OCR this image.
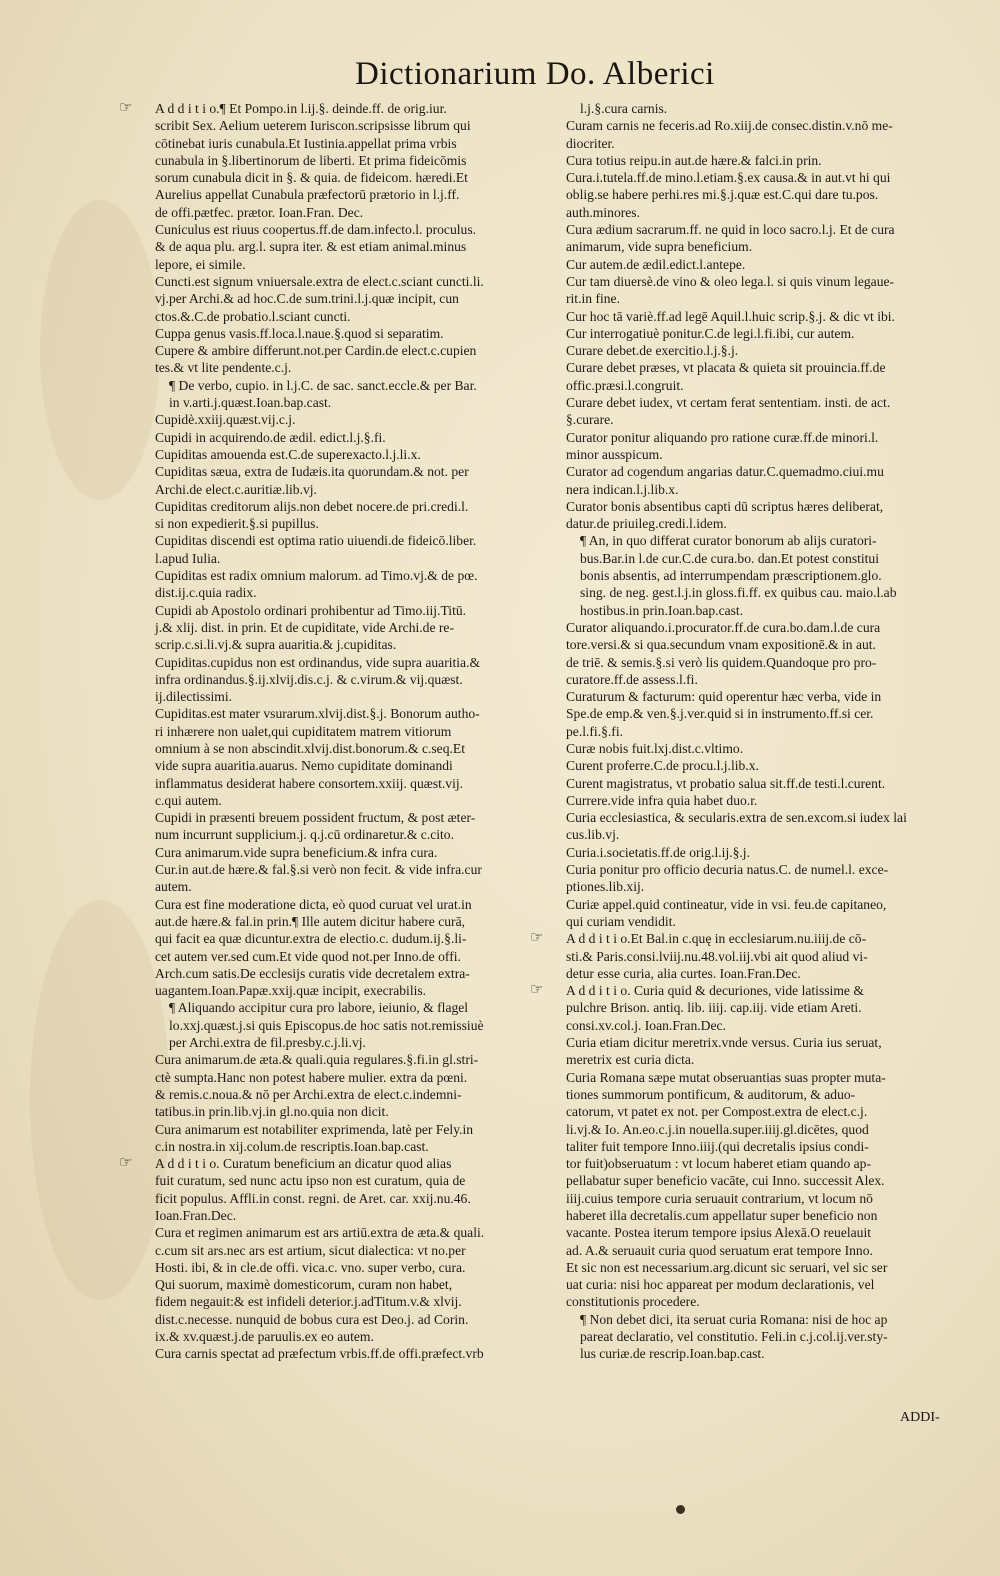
Dictionarium Do. Alberici
☞	A d d i t i o.¶ Et Pompo.in l.ij.§. deinde.ff. de orig.iur.
scribit Sex. Aelium ueterem Iuriscon.scripsisse librum qui
cōtinebat iuris cunabula.Et Iustinia.appellat prima vrbis
cunabula in §.libertinorum de liberti. Et prima fideicōmis
sorum cunabula dicit in §. & quia. de fideicom. hæredi.Et
Aurelius appellat Cunabula præfectorū prætorio in l.j.ff.
de offi.pætfec. prætor. Ioan.Fran. Dec.
Cuniculus est riuus coopertus.ff.de dam.infecto.l. proculus.
& de aqua plu. arg.l. supra iter. & est etiam animal.minus
lepore, ei simile.
Cuncti.est signum vniuersale.extra de elect.c.sciant cuncti.li.
vj.per Archi.& ad hoc.C.de sum.trini.l.j.quæ incipit, cun
ctos.&.C.de probatio.l.sciant cuncti.
Cuppa genus vasis.ff.loca.l.naue.§.quod si separatim.
Cupere & ambire differunt.not.per Cardin.de elect.c.cupien
tes.& vt lite pendente.c.j.
¶ De verbo, cupio. in l.j.C. de sac. sanct.eccle.& per Bar.
in v.arti.j.quæst.Ioan.bap.cast.
Cupidè.xxiij.quæst.vij.c.j.
Cupidi in acquirendo.de ædil. edict.l.j.§.fi.
Cupiditas amouenda est.C.de superexacto.l.j.li.x.
Cupiditas sæua, extra de Iudæis.ita quorundam.& not. per
Archi.de elect.c.auritiæ.lib.vj.
Cupiditas creditorum alijs.non debet nocere.de pri.credi.l.
si non expedierit.§.si pupillus.
Cupiditas discendi est optima ratio uiuendi.de fideicō.liber.
l.apud Iulia.
Cupiditas est radix omnium malorum. ad Timo.vj.& de pœ.
dist.ij.c.quia radix.
Cupidi ab Apostolo ordinari prohibentur ad Timo.iij.Titū.
j.& xlij. dist. in prin. Et de cupiditate, vide Archi.de re-
scrip.c.si.li.vj.& supra auaritia.& j.cupiditas.
Cupiditas.cupidus non est ordinandus, vide supra auaritia.&
infra ordinandus.§.ij.xlvij.dis.c.j. & c.virum.& vij.quæst.
ij.dilectissimi.
Cupiditas.est mater vsurarum.xlvij.dist.§.j. Bonorum autho-
ri inhærere non ualet,qui cupiditatem matrem vitiorum
omnium à se non abscindit.xlvij.dist.bonorum.& c.seq.Et
vide supra auaritia.auarus. Nemo cupiditate dominandi
inflammatus desiderat habere consortem.xxiij. quæst.vij.
c.qui autem.
Cupidi in præsenti breuem possident fructum, & post æter-
num incurrunt supplicium.j. q.j.cū ordinaretur.& c.cito.
Cura animarum.vide supra beneficium.& infra cura.
Cur.in aut.de hære.& fal.§.si verò non fecit. & vide infra.cur
autem.
Cura est fine moderatione dicta, eò quod curuat vel urat.in
aut.de hære.& fal.in prin.¶ Ille autem dicitur habere curā,
qui facit ea quæ dicuntur.extra de electio.c. dudum.ij.§.li-
cet autem ver.sed cum.Et vide quod not.per Inno.de offi.
Arch.cum satis.De ecclesijs curatis vide decretalem extra-
uagantem.Ioan.Papæ.xxij.quæ incipit, execrabilis.
¶ Aliquando accipitur cura pro labore, ieiunio, & flagel
lo.xxj.quæst.j.si quis Episcopus.de hoc satis not.remissiuè
per Archi.extra de fil.presby.c.j.li.vj.
Cura animarum.de æta.& quali.quia regulares.§.fi.in gl.stri-
ctè sumpta.Hanc non potest habere mulier. extra da pœni.
& remis.c.noua.& nō per Archi.extra de elect.c.indemni-
tatibus.in prin.lib.vj.in gl.no.quia non dicit.
Cura animarum est notabiliter exprimenda, latè per Fely.in
c.in nostra.in xij.colum.de rescriptis.Ioan.bap.cast.
☞	A d d i t i o. Curatum beneficium an dicatur quod alias
fuit curatum, sed nunc actu ipso non est curatum, quia de
ficit populus. Affli.in const. regni. de Aret. car. xxij.nu.46.
Ioan.Fran.Dec.
Cura et regimen animarum est ars artiū.extra de æta.& quali.
c.cum sit ars.nec ars est artium, sicut dialectica: vt no.per
Hosti. ibi, & in cle.de offi. vica.c. vno. super verbo, cura.
Qui suorum, maximè domesticorum, curam non habet,
fidem negauit:& est infideli deterior.j.adTitum.v.& xlvij.
dist.c.necesse. nunquid de bobus cura est Deo.j. ad Corin.
ix.& xv.quæst.j.de paruulis.ex eo autem.
Cura carnis spectat ad præfectum vrbis.ff.de offi.præfect.vrb
l.j.§.cura carnis.
Curam carnis ne feceris.ad Ro.xiij.de consec.distin.v.nō me-
diocriter.
Cura totius reipu.in aut.de hære.& falci.in prin.
Cura.i.tutela.ff.de mino.l.etiam.§.ex causa.& in aut.vt hi qui
oblig.se habere perhi.res mi.§.j.quæ est.C.qui dare tu.pos.
auth.minores.
Cura ædium sacrarum.ff. ne quid in loco sacro.l.j. Et de cura
animarum, vide supra beneficium.
Cur autem.de ædil.edict.l.antepe.
Cur tam diuersè.de vino & oleo lega.l. si quis vinum legaue-
rit.in fine.
Cur hoc tā variè.ff.ad legē Aquil.l.huic scrip.§.j. & dic vt ibi.
Cur interrogatiuè ponitur.C.de legi.l.fi.ibi, cur autem.
Curare debet.de exercitio.l.j.§.j.
Curare debet præses, vt placata & quieta sit prouincia.ff.de
offic.præsi.l.congruit.
Curare debet iudex, vt certam ferat sententiam. insti. de act.
§.curare.
Curator ponitur aliquando pro ratione curæ.ff.de minori.l.
minor ausspicum.
Curator ad cogendum angarias datur.C.quemadmo.ciui.mu
nera indican.l.j.lib.x.
Curator bonis absentibus capti dū scriptus hæres deliberat,
datur.de priuileg.credi.l.idem.
¶ An, in quo differat curator bonorum ab alijs curatori-
bus.Bar.in l.de cur.C.de cura.bo. dan.Et potest constitui
bonis absentis, ad interrumpendam præscriptionem.glo.
sing. de neg. gest.l.j.in gloss.fi.ff. ex quibus cau. maio.l.ab
hostibus.in prin.Ioan.bap.cast.
Curator aliquando.i.procurator.ff.de cura.bo.dam.l.de cura
tore.versi.& si qua.secundum vnam expositionē.& in aut.
de triē. & semis.§.si verò lis quidem.Quandoque pro pro-
curatore.ff.de assess.l.fi.
Curaturum & facturum: quid operentur hæc verba, vide in
Spe.de emp.& ven.§.j.ver.quid si in instrumento.ff.si cer.
pe.l.fi.§.fi.
Curæ nobis fuit.lxj.dist.c.vltimo.
Curent proferre.C.de procu.l.j.lib.x.
Curent magistratus, vt probatio salua sit.ff.de testi.l.curent.
Currere.vide infra quia habet duo.r.
Curia ecclesiastica, & secularis.extra de sen.excom.si iudex lai
cus.lib.vj.
Curia.i.societatis.ff.de orig.l.ij.§.j.
Curia ponitur pro officio decuria natus.C. de numel.l. exce-
ptiones.lib.xij.
Curiæ appel.quid contineatur, vide in vsi. feu.de capitaneo,
qui curiam vendidit.
☞	A d d i t i o.Et Bal.in c.quę in ecclesiarum.nu.iiij.de cō-
sti.& Paris.consi.lviij.nu.48.vol.iij.vbi ait quod aliud vi-
detur esse curia, alia curtes. Ioan.Fran.Dec.
☞	A d d i t i o. Curia quid & decuriones, vide latissime &
pulchre Brison. antiq. lib. iiij. cap.iij. vide etiam Areti.
consi.xv.col.j. Ioan.Fran.Dec.
Curia etiam dicitur meretrix.vnde versus. Curia ius seruat,
meretrix est curia dicta.
Curia Romana sæpe mutat obseruantias suas propter muta-
tiones summorum pontificum, & auditorum, & aduo-
catorum, vt patet ex not. per Compost.extra de elect.c.j.
li.vj.& Io. An.eo.c.j.in nouella.super.iiij.gl.dicētes, quod
taliter fuit tempore Inno.iiij.(qui decretalis ipsius condi-
tor fuit)obseruatum : vt locum haberet etiam quando ap-
pellabatur super beneficio vacāte, cui Inno. successit Alex.
iiij.cuius tempore curia seruauit contrarium, vt locum nō
haberet illa decretalis.cum appellatur super beneficio non
vacante. Postea iterum tempore ipsius Alexā.O reuelauit
ad. A.& seruauit curia quod seruatum erat tempore Inno.
Et sic non est necessarium.arg.dicunt sic seruari, vel sic ser
uat curia: nisi hoc appareat per modum declarationis, vel
constitutionis procedere.
¶ Non debet dici, ita seruat curia Romana: nisi de hoc ap
pareat declaratio, vel constitutio. Feli.in c.j.col.ij.ver.sty-
lus curiæ.de rescrip.Ioan.bap.cast.
ADDI-
